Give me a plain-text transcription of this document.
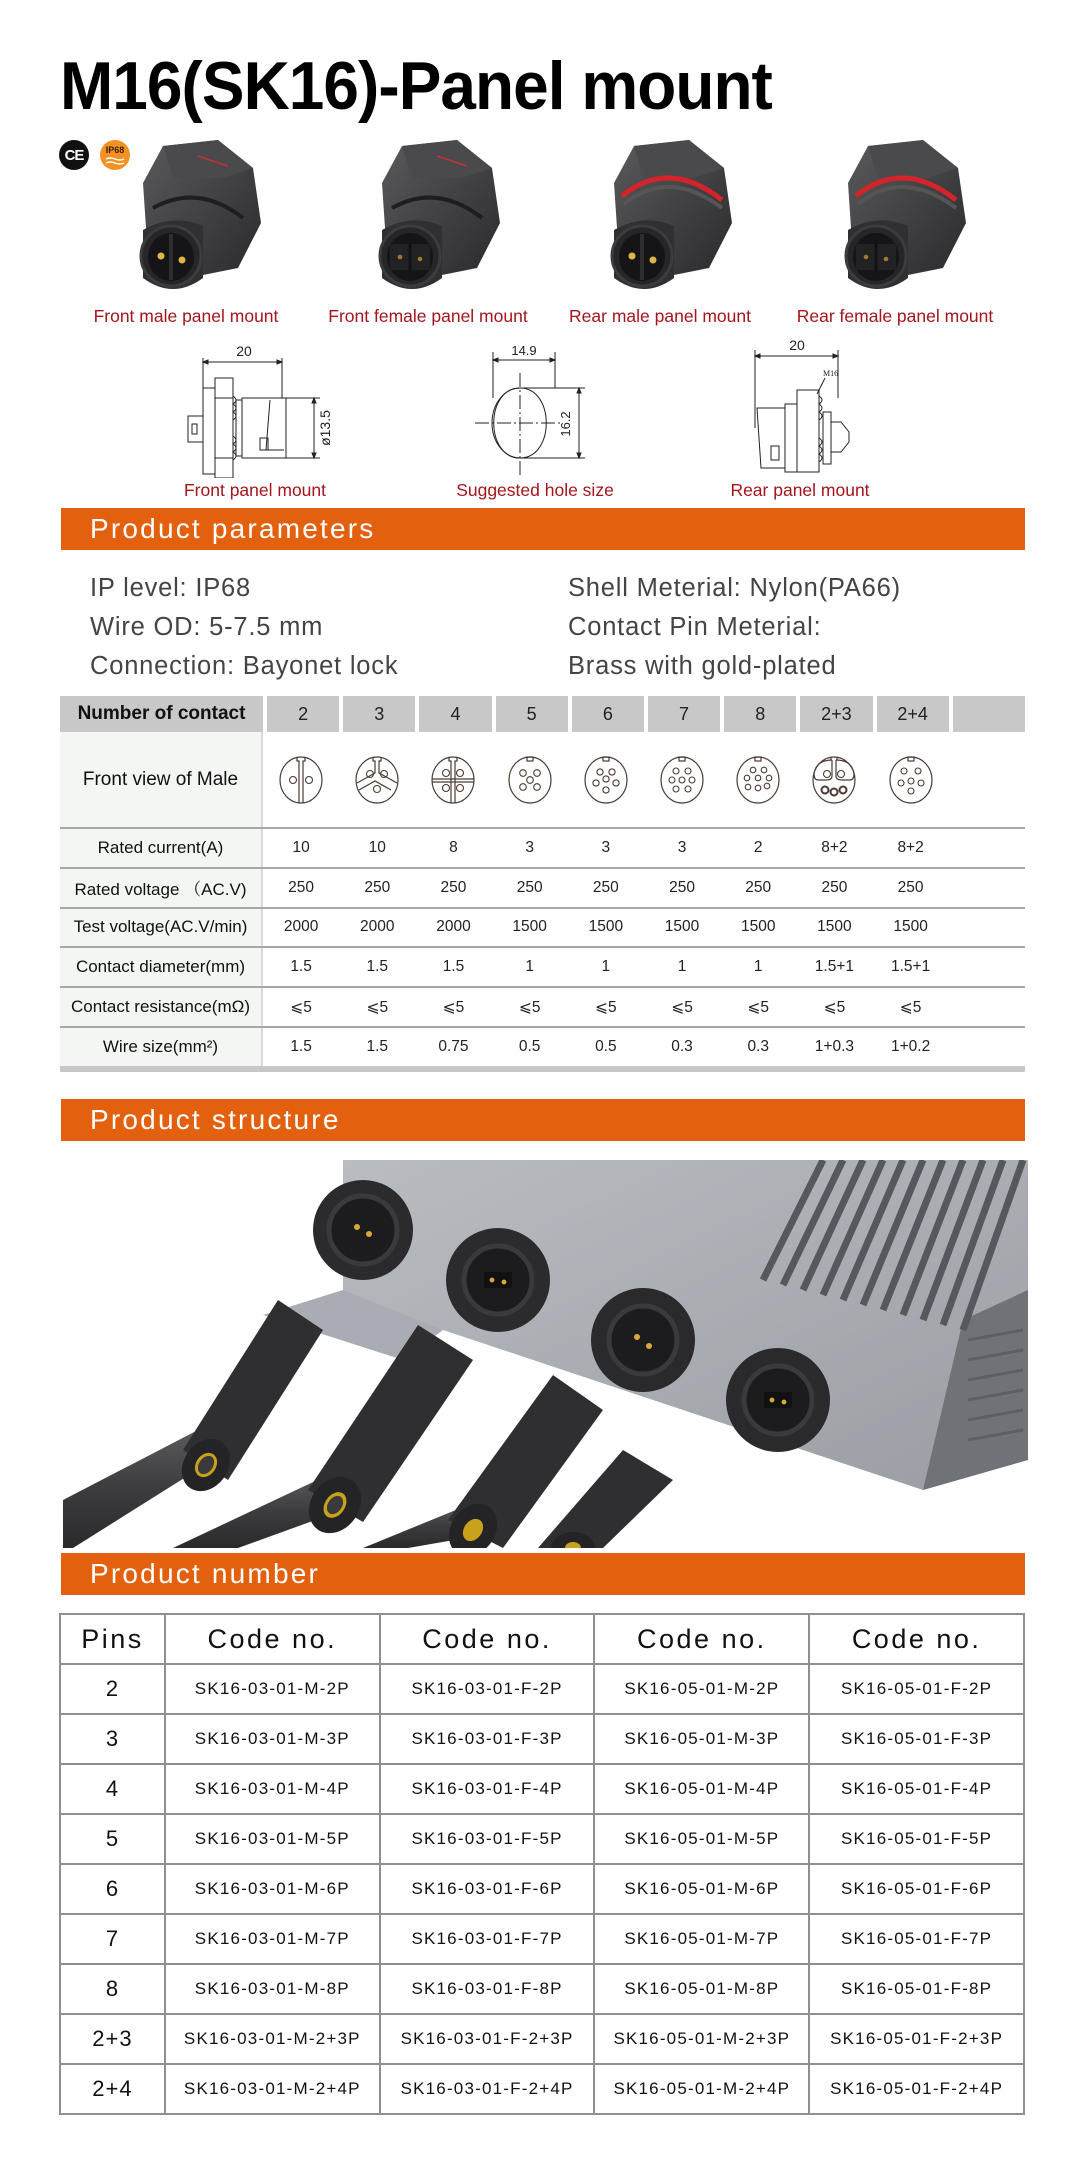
M16(SK16)-Panel mount
CE IP68
Front male panel mount	Front female panel mount	Rear male panel mount	Rear female panel mount
20
ø13.5
14.9
16.2
20
M16
Front panel mount	Suggested hole size	Rear panel mount
Product parameters
IP level: IP68
Wire OD: 5-7.5 mm
Connection: Bayonet lock
Shell Meterial: Nylon(PA66)
Contact Pin Meterial:
Brass with gold-plated
Number of contact	2	3	4	5	6	7	8	2+3	2+4
Front view of Male
Rated current(A)	10	10	8	3	3	3	2	8+2	8+2
Rated voltage （AC.V)	250	250	250	250	250	250	250	250	250
Test voltage(AC.V/min)	2000	2000	2000	1500	1500	1500	1500	1500	1500
Contact diameter(mm)	1.5	1.5	1.5	1	1	1	1	1.5+1	1.5+1
Contact resistance(mΩ)	⩽5	⩽5	⩽5	⩽5	⩽5	⩽5	⩽5	⩽5	⩽5
Wire size(mm²)	1.5	1.5	0.75	0.5	0.5	0.3	0.3	1+0.3	1+0.2
Product structure
Product number
Pins	Code no.	Code no.	Code no.	Code no.
2	SK16-03-01-M-2P	SK16-03-01-F-2P	SK16-05-01-M-2P	SK16-05-01-F-2P
3	SK16-03-01-M-3P	SK16-03-01-F-3P	SK16-05-01-M-3P	SK16-05-01-F-3P
4	SK16-03-01-M-4P	SK16-03-01-F-4P	SK16-05-01-M-4P	SK16-05-01-F-4P
5	SK16-03-01-M-5P	SK16-03-01-F-5P	SK16-05-01-M-5P	SK16-05-01-F-5P
6	SK16-03-01-M-6P	SK16-03-01-F-6P	SK16-05-01-M-6P	SK16-05-01-F-6P
7	SK16-03-01-M-7P	SK16-03-01-F-7P	SK16-05-01-M-7P	SK16-05-01-F-7P
8	SK16-03-01-M-8P	SK16-03-01-F-8P	SK16-05-01-M-8P	SK16-05-01-F-8P
2+3	SK16-03-01-M-2+3P	SK16-03-01-F-2+3P	SK16-05-01-M-2+3P	SK16-05-01-F-2+3P
2+4	SK16-03-01-M-2+4P	SK16-03-01-F-2+4P	SK16-05-01-M-2+4P	SK16-05-01-F-2+4P
